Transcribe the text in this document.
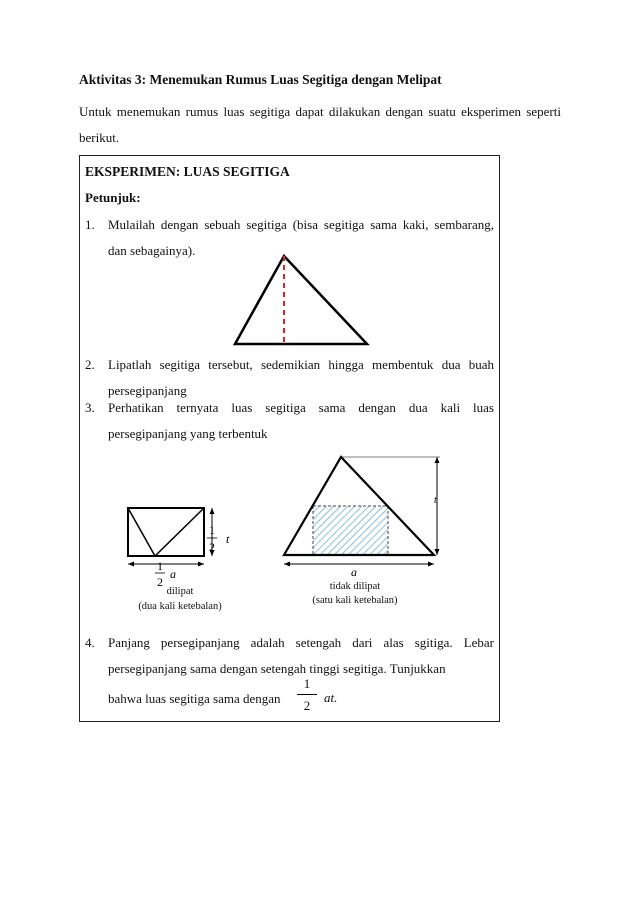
Aktivitas 3: Menemukan Rumus Luas Segitiga dengan Melipat
Untuk menemukan rumus luas segitiga dapat dilakukan dengan suatu eksperimen seperti berikut.
EKSPERIMEN: LUAS SEGITIGA
Petunjuk:
1. Mulailah dengan sebuah segitiga (bisa segitiga sama kaki, sembarang, dan sebagainya).
2. Lipatlah segitiga tersebut, sedemikian hingga membentuk dua buah persegipanjang
3. Perhatikan ternyata luas segitiga sama dengan dua kali luas persegipanjang yang terbentuk
1
2
t
1
2
a
dilipat
(dua kali ketebalan)
t
a
tidak dilipat
(satu kali ketebalan)
4. Panjang persegipanjang adalah setengah dari alas sgitiga. Lebar persegipanjang sama dengan setengah tinggi segitiga. Tunjukkan
bahwa luas segitiga sama dengan
1
2
at.
